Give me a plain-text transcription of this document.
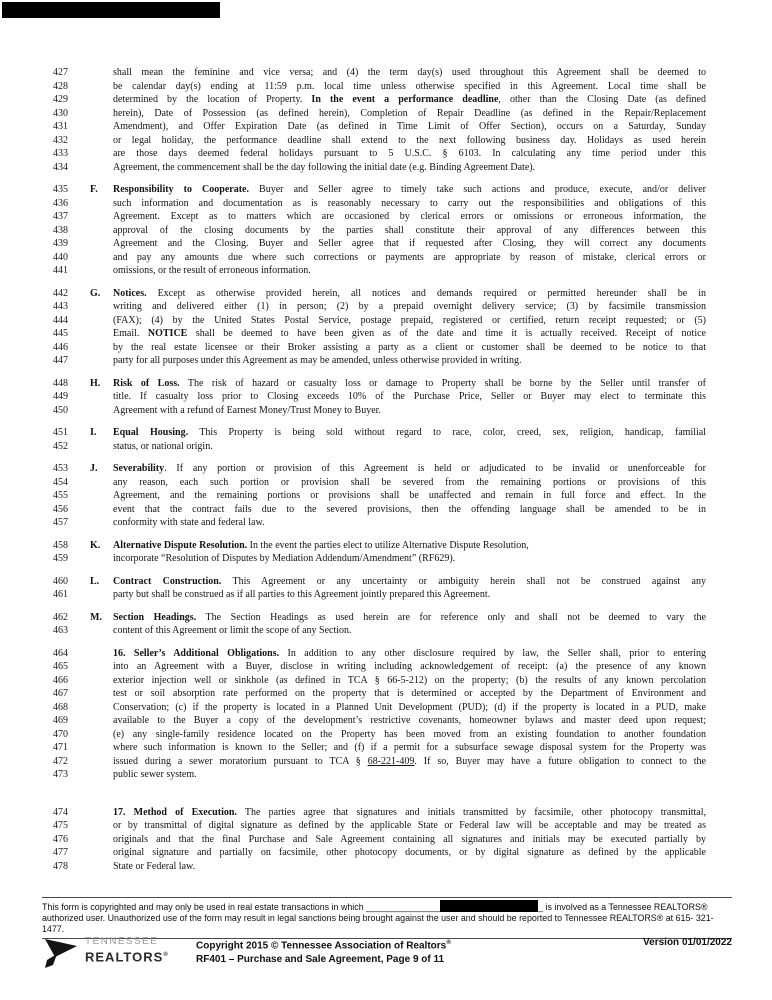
427	shall mean the feminine and vice versa; and (4) the term day(s) used throughout this Agreement shall be deemed to
428	be calendar day(s) ending at 11:59 p.m. local time unless otherwise specified in this Agreement. Local time shall be
429	determined by the location of Property. In the event a performance deadline, other than the Closing Date (as defined
430	herein), Date of Possession (as defined herein), Completion of Repair Deadline (as defined in the Repair/Replacement
431	Amendment), and Offer Expiration Date (as defined in Time Limit of Offer Section), occurs on a Saturday, Sunday
432	or legal holiday, the performance deadline shall extend to the next following business day. Holidays as used herein
433	are those days deemed federal holidays pursuant to 5 U.S.C. § 6103. In calculating any time period under this
434	Agreement, the commencement shall be the day following the initial date (e.g. Binding Agreement Date).
435 F. Responsibility to Cooperate. Buyer and Seller agree to timely take such actions and produce, execute, and/or deliver
436	such information and documentation as is reasonably necessary to carry out the responsibilities and obligations of this
437	Agreement. Except as to matters which are occasioned by clerical errors or omissions or erroneous information, the
438	approval of the closing documents by the parties shall constitute their approval of any differences between this
439	Agreement and the Closing. Buyer and Seller agree that if requested after Closing, they will correct any documents
440	and pay any amounts due where such corrections or payments are appropriate by reason of mistake, clerical errors or
441	omissions, or the result of erroneous information.
442 G. Notices. Except as otherwise provided herein, all notices and demands required or permitted hereunder shall be in
443	writing and delivered either (1) in person; (2) by a prepaid overnight delivery service; (3) by facsimile transmission
444	(FAX); (4) by the United States Postal Service, postage prepaid, registered or certified, return receipt requested; or (5)
445	Email. NOTICE shall be deemed to have been given as of the date and time it is actually received. Receipt of notice
446	by the real estate licensee or their Broker assisting a party as a client or customer shall be deemed to be notice to that
447	party for all purposes under this Agreement as may be amended, unless otherwise provided in writing.
448 H. Risk of Loss. The risk of hazard or casualty loss or damage to Property shall be borne by the Seller until transfer of
449	title. If casualty loss prior to Closing exceeds 10% of the Purchase Price, Seller or Buyer may elect to terminate this
450	Agreement with a refund of Earnest Money/Trust Money to Buyer.
451 I. Equal Housing. This Property is being sold without regard to race, color, creed, sex, religion, handicap, familial
452	status, or national origin.
453 J. Severability. If any portion or provision of this Agreement is held or adjudicated to be invalid or unenforceable for
454	any reason, each such portion or provision shall be severed from the remaining portions or provisions of this
455	Agreement, and the remaining portions or provisions shall be unaffected and remain in full force and effect. In the
456	event that the contract fails due to the severed provisions, then the offending language shall be amended to be in
457	conformity with state and federal law.
458 K. Alternative Dispute Resolution. In the event the parties elect to utilize Alternative Dispute Resolution,
459	incorporate “Resolution of Disputes by Mediation Addendum/Amendment” (RF629).
460 L. Contract Construction. This Agreement or any uncertainty or ambiguity herein shall not be construed against any
461	party but shall be construed as if all parties to this Agreement jointly prepared this Agreement.
462 M. Section Headings. The Section Headings as used herein are for reference only and shall not be deemed to vary the
463	content of this Agreement or limit the scope of any Section.
464	16. Seller’s Additional Obligations. In addition to any other disclosure required by law, the Seller shall, prior to entering
465	into an Agreement with a Buyer, disclose in writing including acknowledgement of receipt: (a) the presence of any known
466	exterior injection well or sinkhole (as defined in TCA § 66-5-212) on the property; (b) the results of any known percolation
467	test or soil absorption rate performed on the property that is determined or accepted by the Department of Environment and
468	Conservation; (c) if the property is located in a Planned Unit Development (PUD); (d) if the property is located in a PUD, make
469	available to the Buyer a copy of the development’s restrictive covenants, homeowner bylaws and master deed upon request;
470	(e) any single-family residence located on the Property has been moved from an existing foundation to another foundation
471	where such information is known to the Seller; and (f) if a permit for a subsurface sewage disposal system for the Property was
472	issued during a sewer moratorium pursuant to TCA § 68-221-409. If so, Buyer may have a future obligation to connect to the
473	public sewer system.
474	17. Method of Execution. The parties agree that signatures and initials transmitted by facsimile, other photocopy transmittal,
475	or by transmittal of digital signature as defined by the applicable State or Federal law will be acceptable and may be treated as
476	originals and that the final Purchase and Sale Agreement containing all signatures and initials may be executed partially by
477	original signature and partially on facsimile, other photocopy documents, or by digital signature as defined by the applicable
478	State or Federal law.
This form is copyrighted and may only be used in real estate transactions in which _______________	_ is involved as a Tennessee REALTORS® authorized user. Unauthorized use of the form may result in legal sanctions being brought against the user and should be reported to Tennessee REALTORS® at 615- 321-1477.
TENNESSEE
REALTORS®
Copyright 2015 © Tennessee Association of Realtors®
RF401 – Purchase and Sale Agreement, Page 9 of 11
Version 01/01/2022
